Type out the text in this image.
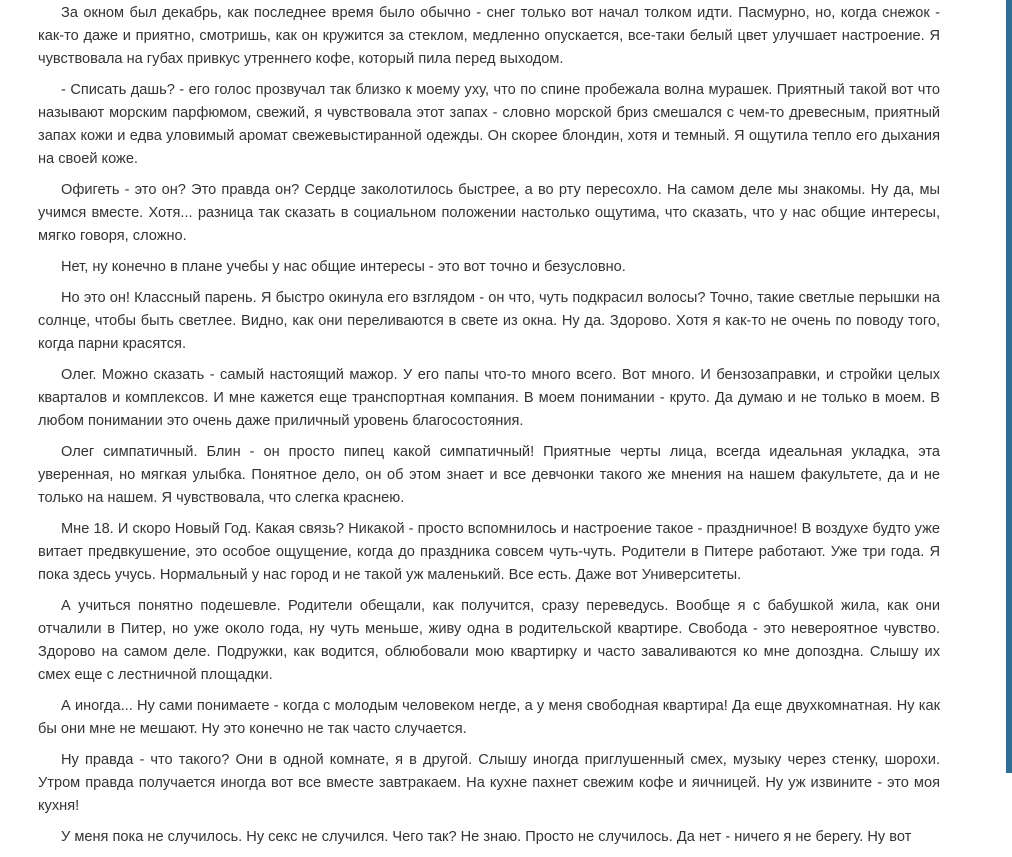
За окном был декабрь, как последнее время было обычно - снег только вот начал толком идти. Пасмурно, но, когда снежок - как-то даже и приятно, смотришь, как он кружится за стеклом, медленно опускается, все-таки белый цвет улучшает настроение. Я чувствовала на губах привкус утреннего кофе, который пила перед выходом.

- Списать дашь? - его голос прозвучал так близко к моему уху, что по спине пробежала волна мурашек. Приятный такой вот что называют морским парфюмом, свежий, я чувствовала этот запах - словно морской бриз смешался с чем-то древесным, приятный запах кожи и едва уловимый аромат свежевыстиранной одежды. Он скорее блондин, хотя и темный. Я ощутила тепло его дыхания на своей коже.

Офигеть - это он? Это правда он? Сердце заколотилось быстрее, а во рту пересохло. На самом деле мы знакомы. Ну да, мы учимся вместе. Хотя... разница так сказать в социальном положении настолько ощутима, что сказать, что у нас общие интересы, мягко говоря, сложно.

Нет, ну конечно в плане учебы у нас общие интересы - это вот точно и безусловно.

Но это он! Классный парень. Я быстро окинула его взглядом - он что, чуть подкрасил волосы? Точно, такие светлые перышки на солнце, чтобы быть светлее. Видно, как они переливаются в свете из окна. Ну да. Здорово. Хотя я как-то не очень по поводу того, когда парни красятся.

Олег. Можно сказать - самый настоящий мажор. У его папы что-то много всего. Вот много. И бензозаправки, и стройки целых кварталов и комплексов. И мне кажется еще транспортная компания. В моем понимании - круто. Да думаю и не только в моем. В любом понимании это очень даже приличный уровень благосостояния.

Олег симпатичный. Блин - он просто пипец какой симпатичный! Приятные черты лица, всегда идеальная укладка, эта уверенная, но мягкая улыбка. Понятное дело, он об этом знает и все девчонки такого же мнения на нашем факультете, да и не только на нашем. Я чувствовала, что слегка краснею.

Мне 18. И скоро Новый Год. Какая связь? Никакой - просто вспомнилось и настроение такое - праздничное! В воздухе будто уже витает предвкушение, это особое ощущение, когда до праздника совсем чуть-чуть. Родители в Питере работают. Уже три года. Я пока здесь учусь. Нормальный у нас город и не такой уж маленький. Все есть. Даже вот Университеты.

А учиться понятно подешевле. Родители обещали, как получится, сразу переведусь. Вообще я с бабушкой жила, как они отчалили в Питер, но уже около года, ну чуть меньше, живу одна в родительской квартире. Свобода - это невероятное чувство. Здорово на самом деле. Подружки, как водится, облюбовали мою квартирку и часто заваливаются ко мне допоздна. Слышу их смех еще с лестничной площадки.

А иногда... Ну сами понимаете - когда с молодым человеком негде, а у меня свободная квартира! Да еще двухкомнатная. Ну как бы они мне не мешают. Ну это конечно не так часто случается.

Ну правда - что такого? Они в одной комнате, я в другой. Слышу иногда приглушенный смех, музыку через стенку, шорохи. Утром правда получается иногда вот все вместе завтракаем. На кухне пахнет свежим кофе и яичницей. Ну уж извините - это моя кухня!

У меня пока не случилось. Ну секс не случился. Чего так? Не знаю. Просто не случилось. Да нет - ничего я не берегу. Ну вот
